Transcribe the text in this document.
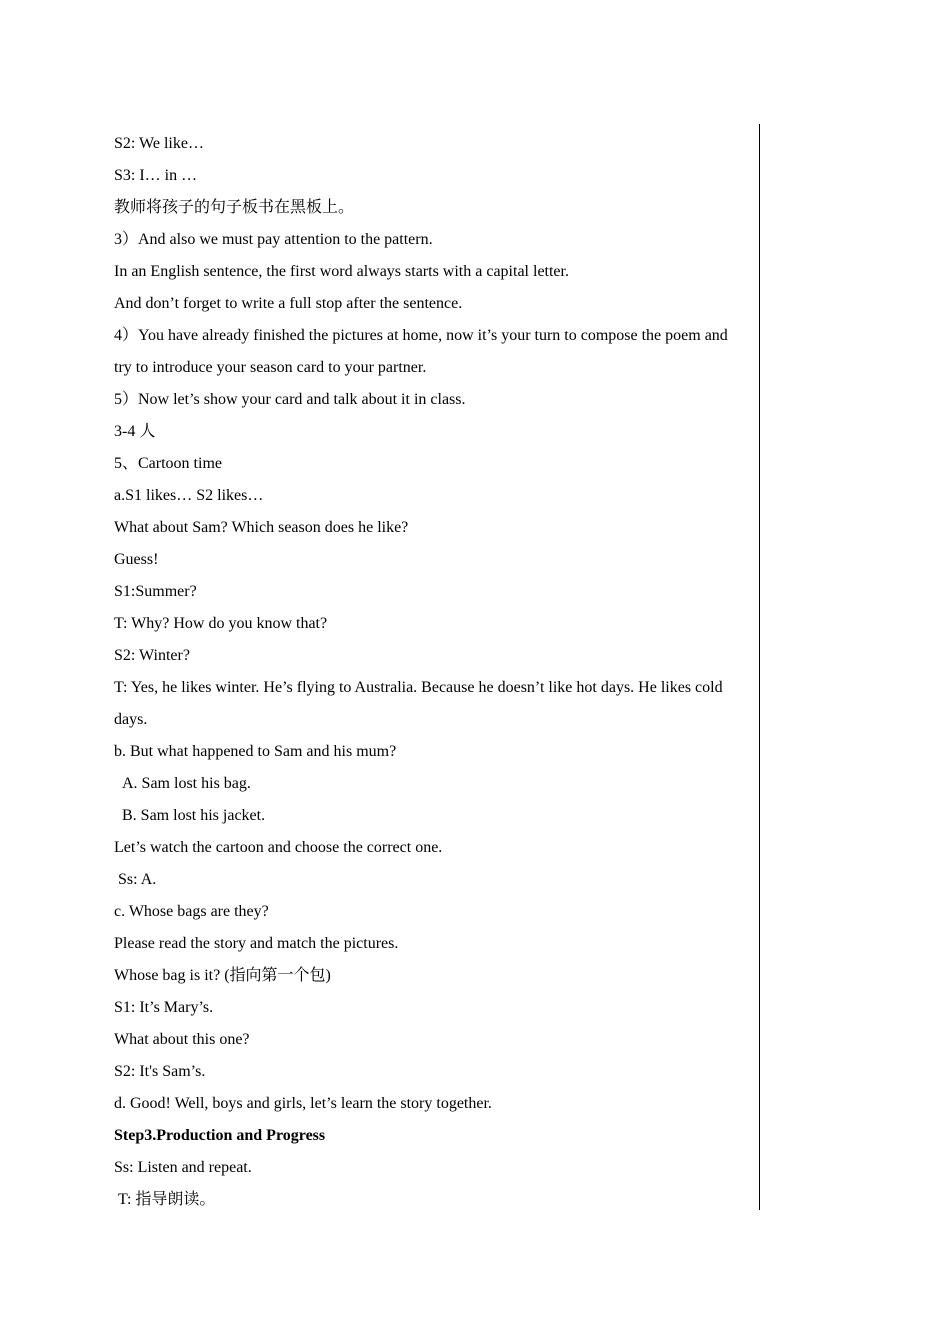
S2: We like…
S3: I… in …
教师将孩子的句子板书在黑板上。
3）And also we must pay attention to the pattern.
In an English sentence, the first word always starts with a capital letter.
And don’t forget to write a full stop after the sentence.
4）You have already finished the pictures at home, now it’s your turn to compose the poem and try to introduce your season card to your partner.
5）Now let’s show your card and talk about it in class.
3-4 人
5、Cartoon time
a.S1 likes… S2 likes…
What about Sam? Which season does he like?
Guess!
S1:Summer?
T: Why? How do you know that?
S2: Winter?
T: Yes, he likes winter. He’s flying to Australia. Because he doesn’t like hot days. He likes cold days.
b. But what happened to Sam and his mum?
A. Sam lost his bag.
B. Sam lost his jacket.
Let’s watch the cartoon and choose the correct one.
Ss: A.
c. Whose bags are they?
Please read the story and match the pictures.
Whose bag is it? (指向第一个包)
S1: It’s Mary’s.
What about this one?
S2: It's Sam’s.
d. Good! Well, boys and girls, let’s learn the story together.
Step3.Production and Progress
Ss: Listen and repeat.
T: 指导朗读。
